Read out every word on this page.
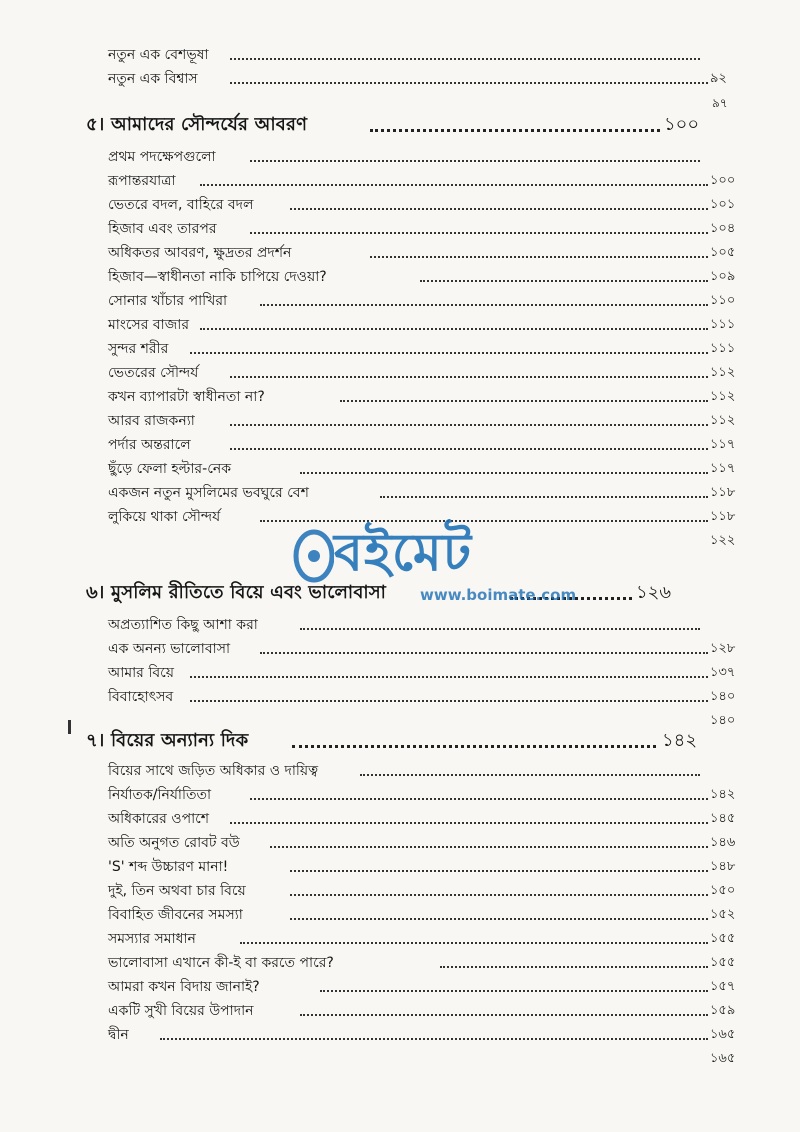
নতুন এক বেশভূষা
নতুন এক বিশ্বাস	৯২
৯৭
৫। আমাদের সৌন্দর্যের আবরণ	১০০
প্রথম পদক্ষেপগুলো
রূপান্তরযাত্রা	১০০
ভেতরে বদল, বাহিরে বদল	১০১
হিজাব এবং তারপর	১০৪
অধিকতর আবরণ, ক্ষুদ্রতর প্রদর্শন	১০৫
হিজাব—স্বাধীনতা নাকি চাপিয়ে দেওয়া?	১০৯
সোনার খাঁচার পাখিরা	১১০
মাংসের বাজার	১১১
সুন্দর শরীর	১১১
ভেতরের সৌন্দর্য	১১২
কখন ব্যাপারটা স্বাধীনতা না?	১১২
আরব রাজকন্যা	১১২
পর্দার অন্তরালে	১১৭
ছুঁড়ে ফেলা হল্টার-নেক	১১৭
একজন নতুন মুসলিমের ভবঘুরে বেশ	১১৮
লুকিয়ে থাকা সৌন্দর্য	১১৮
১২২
৬। মুসলিম রীতিতে বিয়ে এবং ভালোবাসা	১২৬
অপ্রত্যাশিত কিছু আশা করা
এক অনন্য ভালোবাসা	১২৮
আমার বিয়ে	১৩৭
বিবাহোৎসব	১৪০
১৪০
৭। বিয়ের অন্যান্য দিক	১৪২
বিয়ের সাথে জড়িত অধিকার ও দায়িত্ব
নির্যাতক/নির্যাতিতা	১৪২
অধিকারের ওপাশে	১৪৫
অতি অনুগত রোবট বউ	১৪৬
'S' শব্দ উচ্চারণ মানা!	১৪৮
দুই, তিন অথবা চার বিয়ে	১৫০
বিবাহিত জীবনের সমস্যা	১৫২
সমস্যার সমাধান	১৫৫
ভালোবাসা এখানে কী-ই বা করতে পারে?	১৫৫
আমরা কখন বিদায় জানাই?	১৫৭
একটি সুখী বিয়ের উপাদান	১৫৯
দ্বীন	১৬৫
১৬৫
বইমেট
www.boimate.com
